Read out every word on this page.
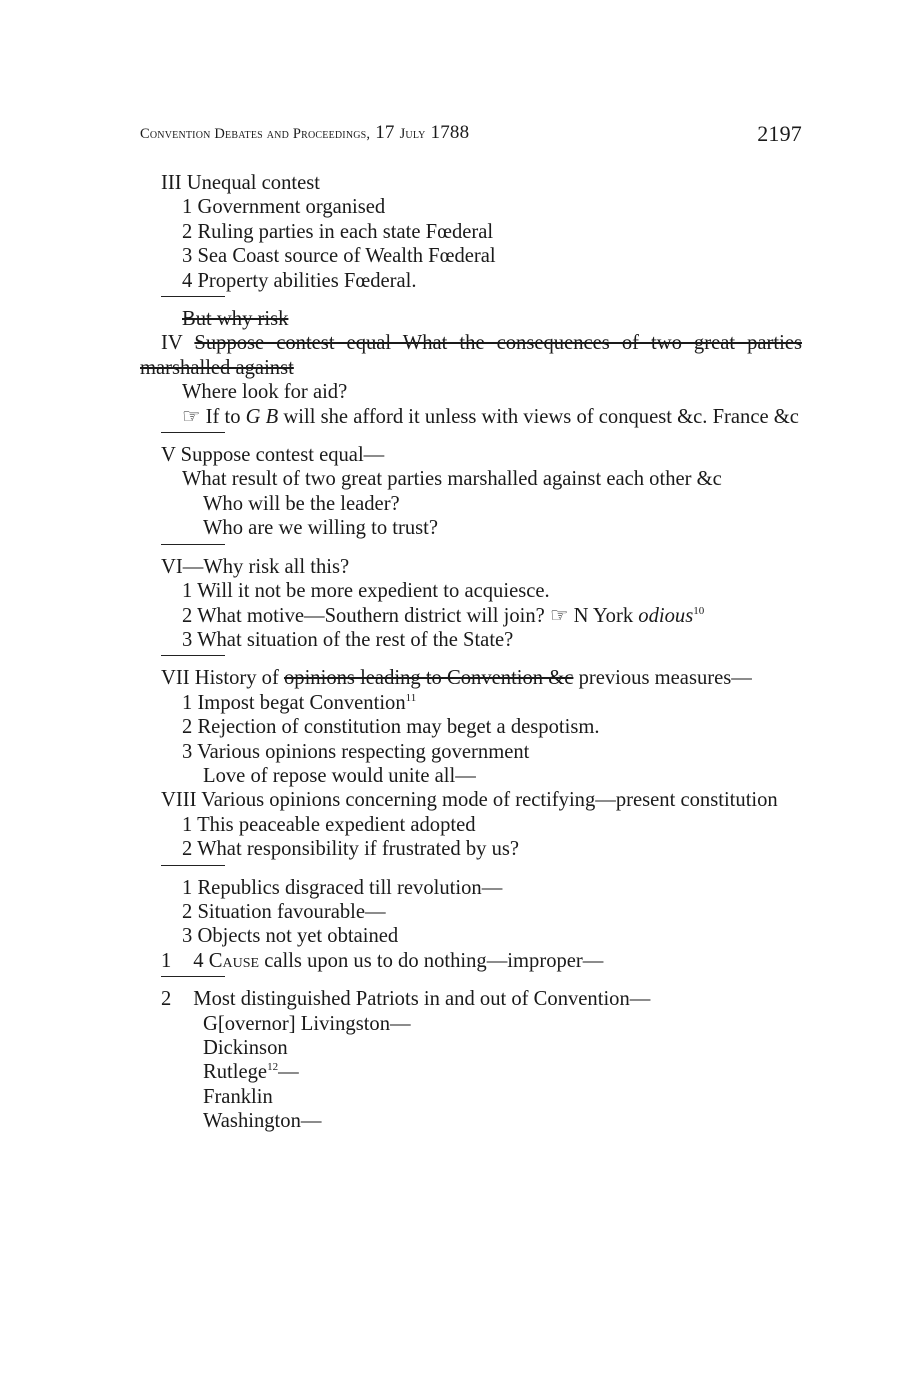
Convention Debates and Proceedings, 17 July 1788	2197
III Unequal contest
1 Government organised
2 Ruling parties in each state Fœderal
3 Sea Coast source of Wealth Fœderal
4 Property abilities Fœderal.
But why risk
IV Suppose contest equal What the consequences of two great parties marshalled against
Where look for aid?
☞ If to G B will she afford it unless with views of conquest &c. France &c
V Suppose contest equal—
What result of two great parties marshalled against each other &c
Who will be the leader?
Who are we willing to trust?
VI—Why risk all this?
1 Will it not be more expedient to acquiesce.
2 What motive—Southern district will join? ☞ N York odious$^{10}$
3 What situation of the rest of the State?
VII History of opinions leading to Convention &c previous measures—
1 Impost begat Convention$^{11}$
2 Rejection of constitution may beget a despotism.
3 Various opinions respecting government
Love of repose would unite all—
VIII Various opinions concerning mode of rectifying—present constitution
1 This peaceable expedient adopted
2 What responsibility if frustrated by us?
1 Republics disgraced till revolution—
2 Situation favourable—
3 Objects not yet obtained
1 4 Cause calls upon us to do nothing—improper—
2 Most distinguished Patriots in and out of Convention—
G[overnor] Livingston—
Dickinson
Rutlege$^{12}$—
Franklin
Washington—
